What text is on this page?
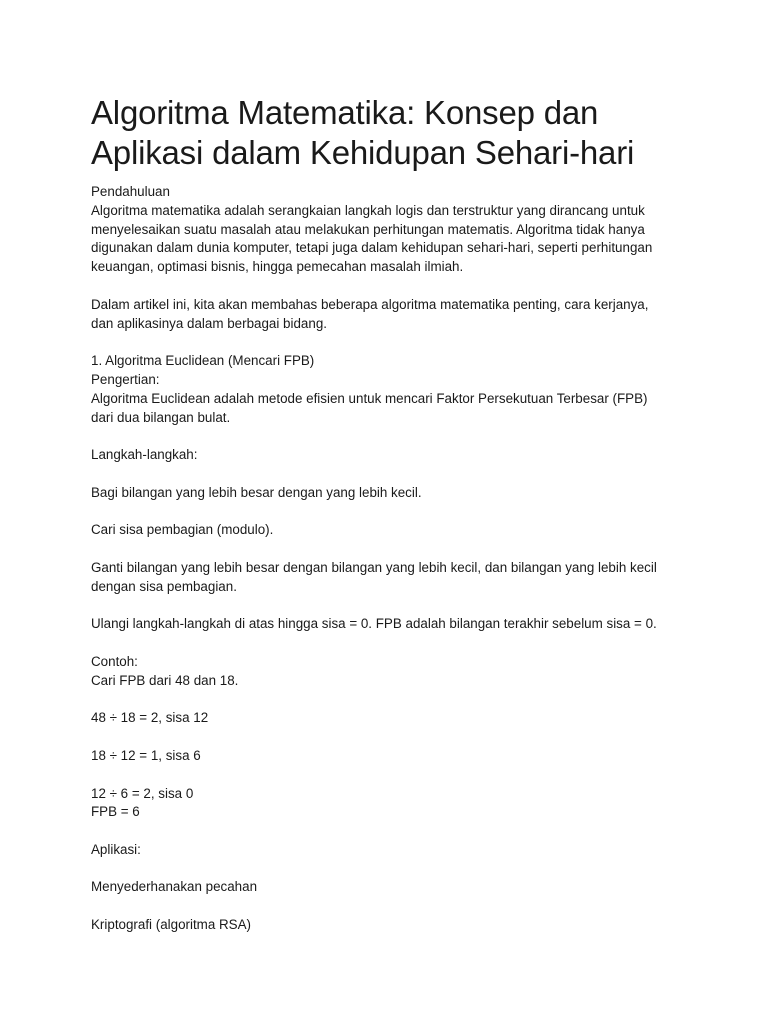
Algoritma Matematika: Konsep dan
Aplikasi dalam Kehidupan Sehari-hari
Pendahuluan
Algoritma matematika adalah serangkaian langkah logis dan terstruktur yang dirancang untuk
menyelesaikan suatu masalah atau melakukan perhitungan matematis. Algoritma tidak hanya
digunakan dalam dunia komputer, tetapi juga dalam kehidupan sehari-hari, seperti perhitungan
keuangan, optimasi bisnis, hingga pemecahan masalah ilmiah.
Dalam artikel ini, kita akan membahas beberapa algoritma matematika penting, cara kerjanya,
dan aplikasinya dalam berbagai bidang.
1. Algoritma Euclidean (Mencari FPB)
Pengertian:
Algoritma Euclidean adalah metode efisien untuk mencari Faktor Persekutuan Terbesar (FPB)
dari dua bilangan bulat.
Langkah-langkah:
Bagi bilangan yang lebih besar dengan yang lebih kecil.
Cari sisa pembagian (modulo).
Ganti bilangan yang lebih besar dengan bilangan yang lebih kecil, dan bilangan yang lebih kecil
dengan sisa pembagian.
Ulangi langkah-langkah di atas hingga sisa = 0. FPB adalah bilangan terakhir sebelum sisa = 0.
Contoh:
Cari FPB dari 48 dan 18.
48 ÷ 18 = 2, sisa 12
18 ÷ 12 = 1, sisa 6
12 ÷ 6 = 2, sisa 0
FPB = 6
Aplikasi:
Menyederhanakan pecahan
Kriptografi (algoritma RSA)
